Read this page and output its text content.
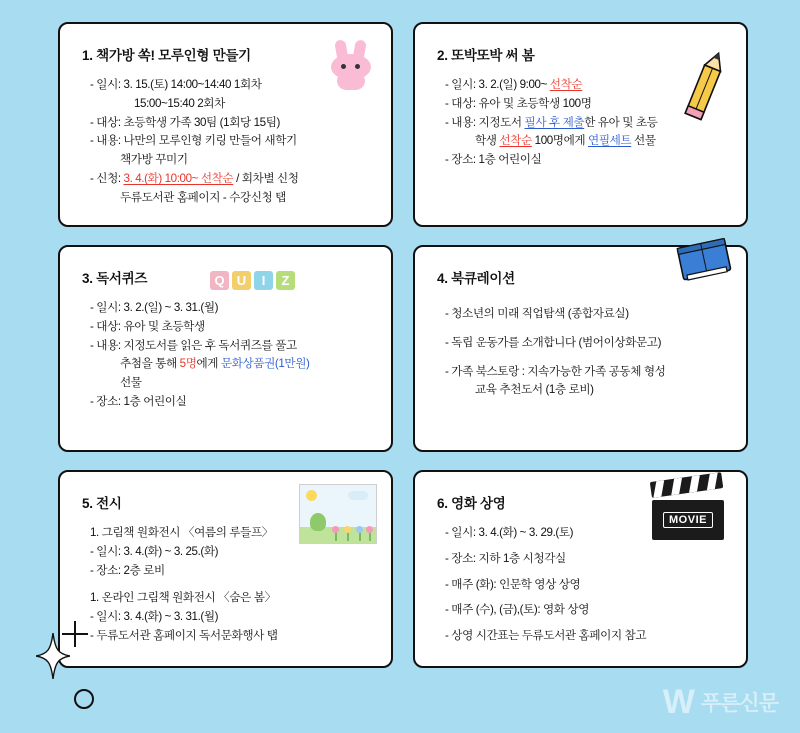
1. 책가방 쏙! 모루인형 만들기
- 일시: 3. 15.(토) 14:00~14:40 1회차
15:00~15:40 2회차
- 대상: 초등학생 가족 30팀 (1회당 15팀)
- 내용: 나만의 모루인형 키링 만들어 새학기
책가방 꾸미기
- 신청: 3. 4.(화) 10:00~ 선착순 / 회차별 신청
두류도서관 홈페이지 - 수강신청 탭
2. 또박또박 써 봄
- 일시: 3. 2.(일) 9:00~ 선착순
- 대상: 유아 및 초등학생 100명
- 내용: 지정도서 필사 후 제출한 유아 및 초등
학생 선착순 100명에게 연필세트 선물
- 장소: 1층 어린이실
Q U	I	Z
3. 독서퀴즈
- 일시: 3. 2.(일) ~ 3. 31.(월)
- 대상: 유아 및 초등학생
- 내용: 지정도서를 읽은 후 독서퀴즈를 풀고
추첨을 통해 5명에게 문화상품권(1만원)
선물
- 장소: 1층 어린이실
4. 북큐레이션
- 청소년의 미래 직업탐색 (종합자료실)
- 독립 운동가를 소개합니다 (범어이상화문고)
- 가족 북스토랑 : 지속가능한 가족 공동체 형성
교육 추천도서 (1층 로비)
5. 전시
1. 그림책 원화전시 〈여름의 루들프〉
- 일시: 3. 4.(화) ~ 3. 25.(화)
- 장소: 2층 로비
1. 온라인 그림책 원화전시 〈숨은 봄〉
- 일시: 3. 4.(화) ~ 3. 31.(월)
- 두류도서관 홈페이지 독서문화행사 탭
MOVIE
6. 영화 상영
- 일시: 3. 4.(화) ~ 3. 29.(토)
- 장소: 지하 1층 시청각실
- 매주 (화): 인문학 영상 상영
- 매주 (수), (금),(토): 영화 상영
- 상영 시간표는 두류도서관 홈페이지 참고
W 푸른신문
